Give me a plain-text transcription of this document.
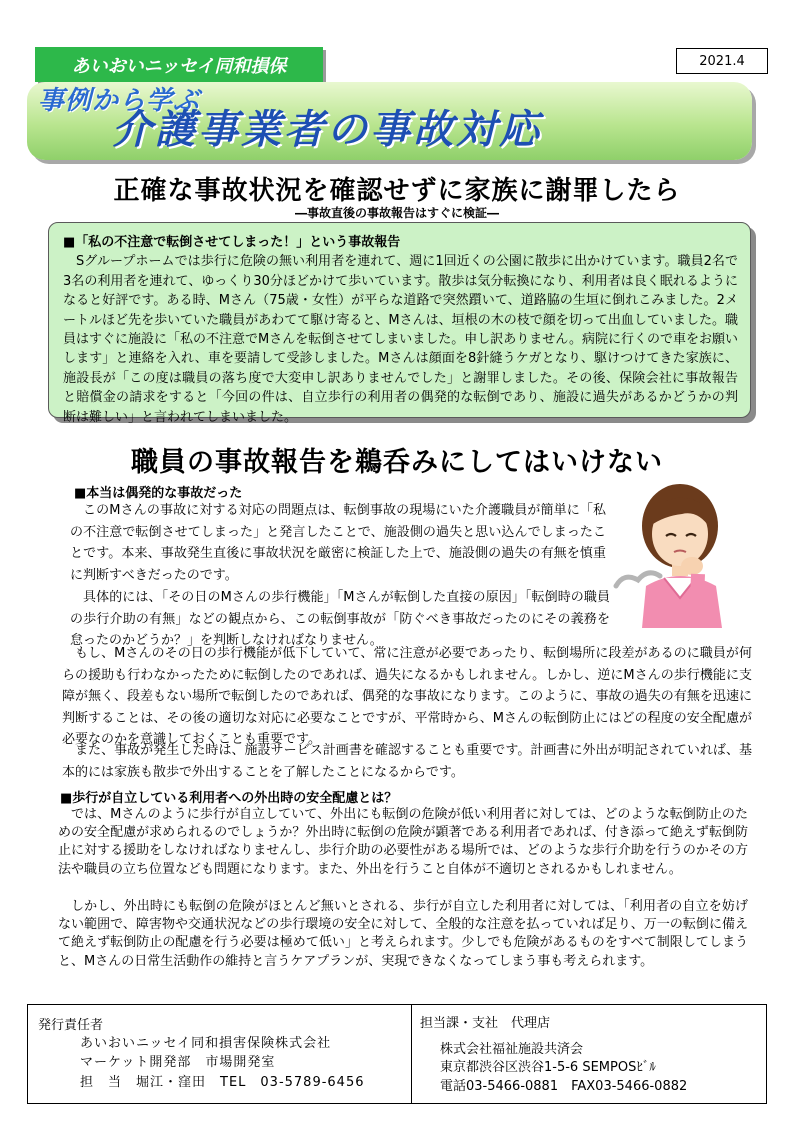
あいおいニッセイ同和損保	2021.4
事例から学ぶ
介護事業者の事故対応
正確な事故状況を確認せずに家族に謝罪したら
―事故直後の事故報告はすぐに検証―
■「私の不注意で転倒させてしまった！」という事故報告
Sグループホームでは歩行に危険の無い利用者を連れて、週に1回近くの公園に散歩に出かけています。職員2名で3名の利用者を連れて、ゆっくり30分ほどかけて歩いています。散歩は気分転換になり、利用者は良く眠れるようになると好評です。ある時、Mさん（75歳・女性）が平らな道路で突然躓いて、道路脇の生垣に倒れこみました。2メートルほど先を歩いていた職員があわてて駆け寄ると、Mさんは、垣根の木の枝で顔を切って出血していました。職員はすぐに施設に「私の不注意でMさんを転倒させてしまいました。申し訳ありません。病院に行くので車をお願いします」と連絡を入れ、車を要請して受診しました。Mさんは顔面を8針縫うケガとなり、駆けつけてきた家族に、施設長が「この度は職員の落ち度で大変申し訳ありませんでした」と謝罪しました。その後、保険会社に事故報告と賠償金の請求をすると「今回の件は、自立歩行の利用者の偶発的な転倒であり、施設に過失があるかどうかの判断は難しい」と言われてしまいました。
職員の事故報告を鵜呑みにしてはいけない
■本当は偶発的な事故だった
このMさんの事故に対する対応の問題点は、転倒事故の現場にいた介護職員が簡単に「私の不注意で転倒させてしまった」と発言したことで、施設側の過失と思い込んでしまったことです。本来、事故発生直後に事故状況を厳密に検証した上で、施設側の過失の有無を慎重に判断すべきだったのです。
具体的には、「その日のMさんの歩行機能」「Mさんが転倒した直接の原因」「転倒時の職員の歩行介助の有無」などの観点から、この転倒事故が「防ぐべき事故だったのにその義務を怠ったのかどうか？」を判断しなければなりません。
もし、Mさんのその日の歩行機能が低下していて、常に注意が必要であったり、転倒場所に段差があるのに職員が何らの援助も行わなかったために転倒したのであれば、過失になるかもしれません。しかし、逆にMさんの歩行機能に支障が無く、段差もない場所で転倒したのであれば、偶発的な事故になります。このように、事故の過失の有無を迅速に判断することは、その後の適切な対応に必要なことですが、平常時から、Mさんの転倒防止にはどの程度の安全配慮が必要なのかを意識しておくことも重要です。
また、事故が発生した時は、施設サービス計画書を確認することも重要です。計画書に外出が明記されていれば、基本的には家族も散歩で外出することを了解したことになるからです。
■歩行が自立している利用者への外出時の安全配慮とは？
では、Mさんのように歩行が自立していて、外出にも転倒の危険が低い利用者に対しては、どのような転倒防止のための安全配慮が求められるのでしょうか？外出時に転倒の危険が顕著である利用者であれば、付き添って絶えず転倒防止に対する援助をしなければなりませんし、歩行介助の必要性がある場所では、どのような歩行介助を行うのかその方法や職員の立ち位置なども問題になります。また、外出を行うこと自体が不適切とされるかもしれません。
しかし、外出時にも転倒の危険がほとんど無いとされる、歩行が自立した利用者に対しては、「利用者の自立を妨げない範囲で、障害物や交通状況などの歩行環境の安全に対して、全般的な注意を払っていれば足り、万一の転倒に備えて絶えず転倒防止の配慮を行う必要は極めて低い」と考えられます。少しでも危険があるものをすべて制限してしまうと、Mさんの日常生活動作の維持と言うケアプランが、実現できなくなってしまう事も考えられます。
発行責任者
あいおいニッセイ同和損害保険株式会社
マーケット開発部　市場開発室
担　当　堀江・窪田　TEL　03-5789-6456
担当課・支社　代理店
株式会社福祉施設共済会
東京都渋谷区渋谷1-5-6 SEMPOSﾋﾞﾙ
電話03-5466-0881　FAX03-5466-0882
